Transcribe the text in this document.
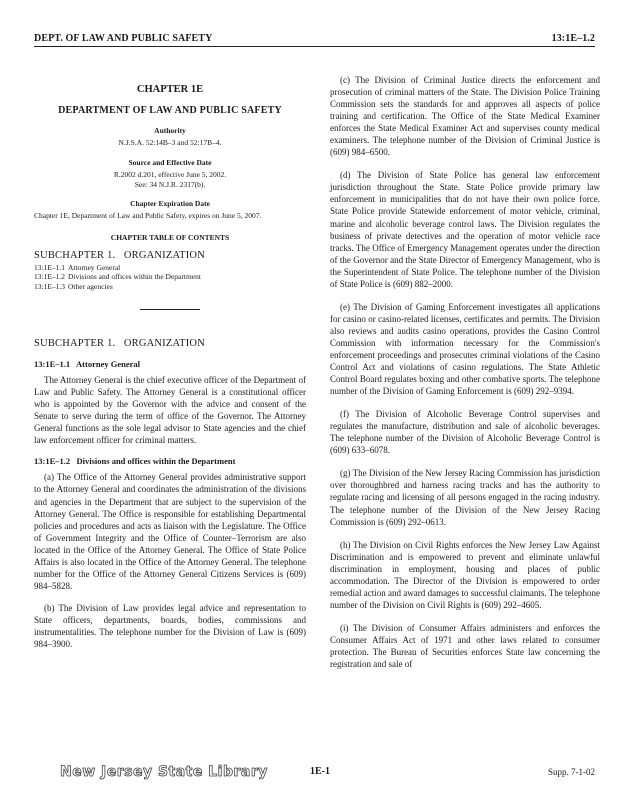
DEPT. OF LAW AND PUBLIC SAFETY	13:1E–1.2
CHAPTER 1E
DEPARTMENT OF LAW AND PUBLIC SAFETY
Authority
N.J.S.A. 52:14B–3 and 52:17B–4.
Source and Effective Date
R.2002 d.201, effective June 5, 2002.
See: 34 N.J.R. 2317(b).
Chapter Expiration Date
Chapter 1E, Department of Law and Public Safety, expires on June 5, 2007.
CHAPTER TABLE OF CONTENTS
SUBCHAPTER 1.   ORGANIZATION
13:1E–1.1 Attorney General
13:1E–1.2 Divisions and offices within the Department
13:1E–1.3 Other agencies
SUBCHAPTER 1.   ORGANIZATION
13:1E–1.1   Attorney General

The Attorney General is the chief executive officer of the Department of Law and Public Safety. The Attorney General is a constitutional officer who is appointed by the Governor with the advice and consent of the Senate to serve during the term of office of the Governor. The Attorney General functions as the sole legal advisor to State agencies and the chief law enforcement officer for criminal matters.

13:1E–1.2   Divisions and offices within the Department

(a) The Office of the Attorney General provides administrative support to the Attorney General and coordinates the administration of the divisions and agencies in the Department that are subject to the supervision of the Attorney General. The Office is responsible for establishing Departmental policies and procedures and acts as liaison with the Legislature. The Office of Government Integrity and the Office of Counter–Terrorism are also located in the Office of the Attorney General. The Office of State Police Affairs is also located in the Office of the Attorney General. The telephone number for the Office of the Attorney General Citizens Services is (609) 984–5828.

(b) The Division of Law provides legal advice and representation to State officers, departments, boards, bodies, commissions and instrumentalities. The telephone number for the Division of Law is (609) 984–3900.

(c) The Division of Criminal Justice directs the enforcement and prosecution of criminal matters of the State. The Division Police Training Commission sets the standards for and approves all aspects of police training and certification. The Office of the State Medical Examiner enforces the State Medical Examiner Act and supervises county medical examiners. The telephone number of the Division of Criminal Justice is (609) 984–6500.

(d) The Division of State Police has general law enforcement jurisdiction throughout the State. State Police provide primary law enforcement in municipalities that do not have their own police force. State Police provide Statewide enforcement of motor vehicle, criminal, marine and alcoholic beverage control laws. The Division regulates the business of private detectives and the operation of motor vehicle race tracks. The Office of Emergency Management operates under the direction of the Governor and the State Director of Emergency Management, who is the Superintendent of State Police. The telephone number of the Division of State Police is (609) 882–2000.

(e) The Division of Gaming Enforcement investigates all applications for casino or casino-related licenses, certificates and permits. The Division also reviews and audits casino operations, provides the Casino Control Commission with information necessary for the Commission's enforcement proceedings and prosecutes criminal violations of the Casino Control Act and violations of casino regulations. The State Athletic Control Board regulates boxing and other combative sports. The telephone number of the Division of Gaming Enforcement is (609) 292–9394.

(f) The Division of Alcoholic Beverage Control supervises and regulates the manufacture, distribution and sale of alcoholic beverages. The telephone number of the Division of Alcoholic Beverage Control is (609) 633–6078.

(g) The Division of the New Jersey Racing Commission has jurisdiction over thoroughbred and harness racing tracks and has the authority to regulate racing and licensing of all persons engaged in the racing industry. The telephone number of the Division of the New Jersey Racing Commission is (609) 292–0613.

(h) The Division on Civil Rights enforces the New Jersey Law Against Discrimination and is empowered to prevent and eliminate unlawful discrimination in employment, housing and places of public accommodation. The Director of the Division is empowered to order remedial action and award damages to successful claimants. The telephone number of the Division on Civil Rights is (609) 292–4605.

(i) The Division of Consumer Affairs administers and enforces the Consumer Affairs Act of 1971 and other laws related to consumer protection. The Bureau of Securities enforces State law concerning the registration and sale of

New Jersey State Library	1E-1	Supp. 7-1-02
